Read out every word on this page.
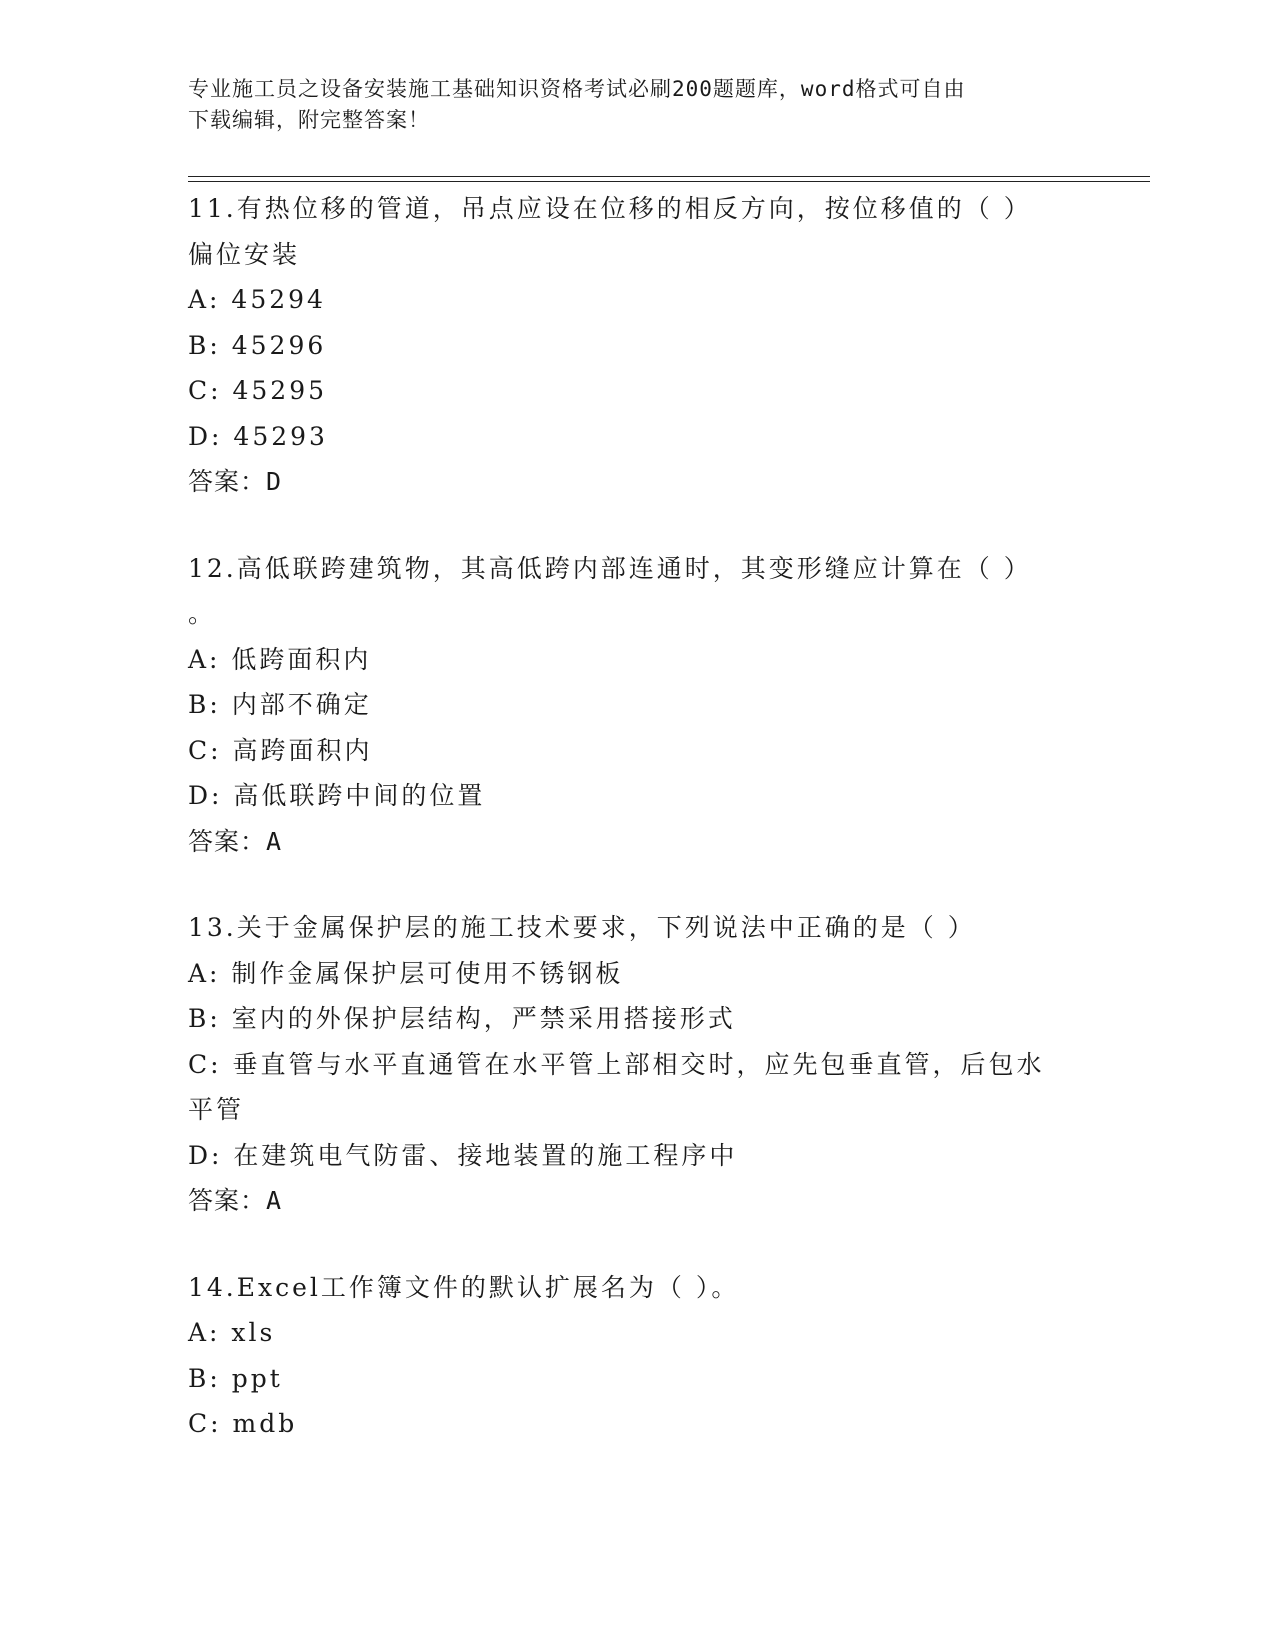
专业施工员之设备安装施工基础知识资格考试必刷200题题库，word格式可自由
下载编辑，附完整答案！
11.有热位移的管道，吊点应设在位移的相反方向，按位移值的（ ）
偏位安装
A: 45294
B: 45296
C: 45295
D: 45293
答案：D
12.高低联跨建筑物，其高低跨内部连通时，其变形缝应计算在（ ）
。
A: 低跨面积内
B: 内部不确定
C: 高跨面积内
D: 高低联跨中间的位置
答案：A
13.关于金属保护层的施工技术要求，下列说法中正确的是（ ）
A: 制作金属保护层可使用不锈钢板
B: 室内的外保护层结构，严禁采用搭接形式
C: 垂直管与水平直通管在水平管上部相交时，应先包垂直管，后包水
平管
D: 在建筑电气防雷、接地装置的施工程序中
答案：A
14.Excel工作簿文件的默认扩展名为（ ）。
A: xls
B: ppt
C: mdb
